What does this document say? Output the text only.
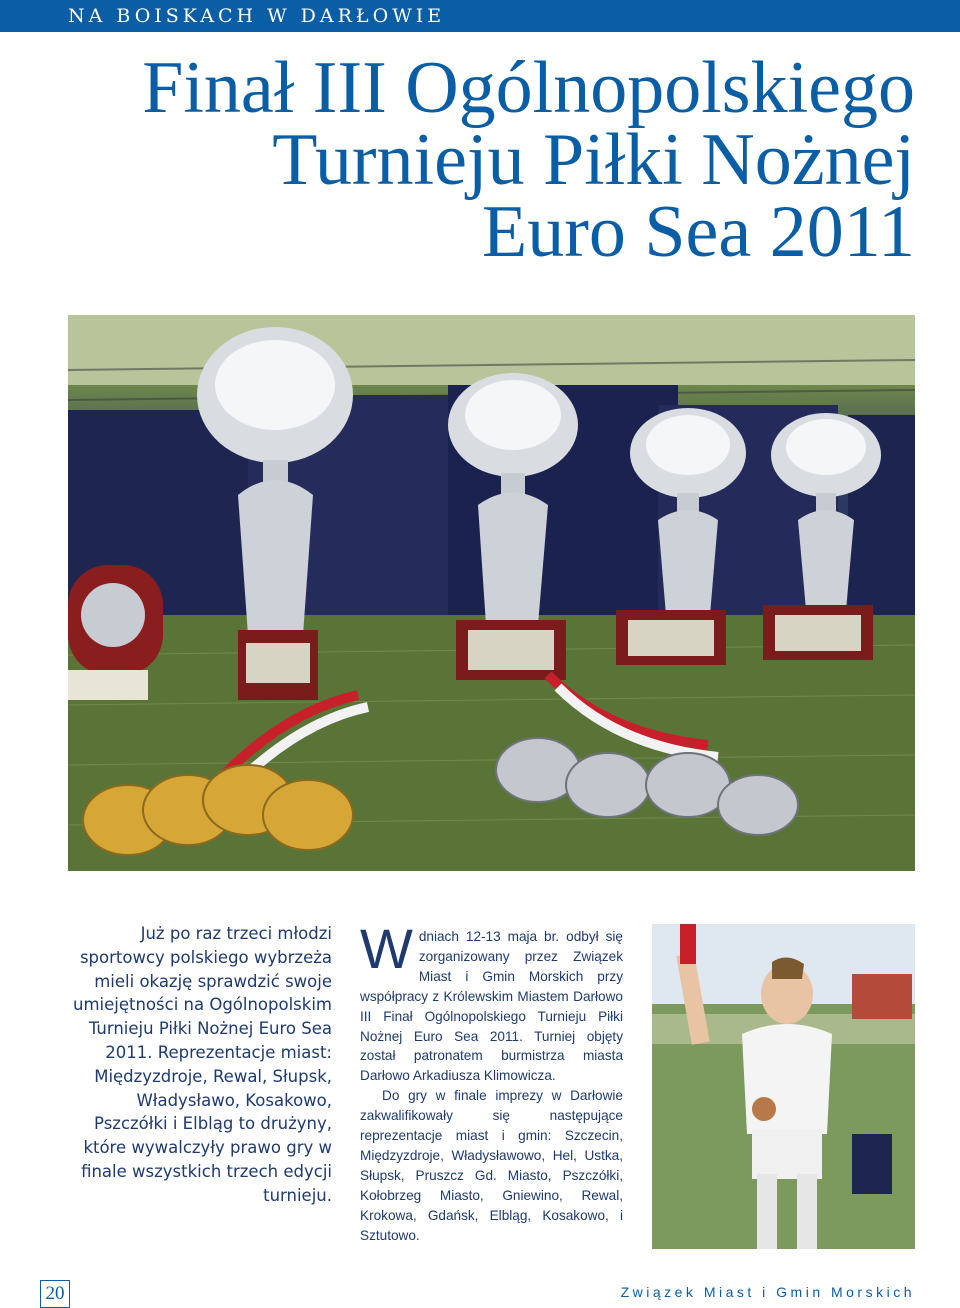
NA BOISKACH W DARŁOWIE
Finał III Ogólnopolskiego
Turnieju Piłki Nożnej
Euro Sea 2011
Już po raz trzeci młodzi sportowcy polskiego wybrzeża mieli okazję sprawdzić swoje umiejętności na Ogólnopolskim Turnieju Piłki Nożnej Euro Sea 2011. Reprezentacje miast: Międzyzdroje, Rewal, Słupsk, Władysławo, Kosakowo, Pszczółki i Elbląg to drużyny, które wywalczyły prawo gry w finale wszystkich trzech edycji turnieju.

W dniach 12-13 maja br. odbył się zorganizowany przez Związek Miast i Gmin Morskich przy współpracy z Królewskim Miastem Darłowo III Finał Ogólnopolskiego Turnieju Piłki Nożnej Euro Sea 2011. Turniej objęty został patronatem burmistrza miasta Darłowo Arkadiusza Klimowicza.

Do gry w finale imprezy w Darłowie zakwalifikowały się następujące reprezentacje miast i gmin: Szczecin, Międzyzdroje, Władysławowo, Hel, Ustka, Słupsk, Pruszcz Gd. Miasto, Pszczółki, Kołobrzeg Miasto, Gniewino, Rewal, Krokowa, Gdańsk, Elbląg, Kosakowo, i Sztutowo.

20	Związek Miast i Gmin Morskich
